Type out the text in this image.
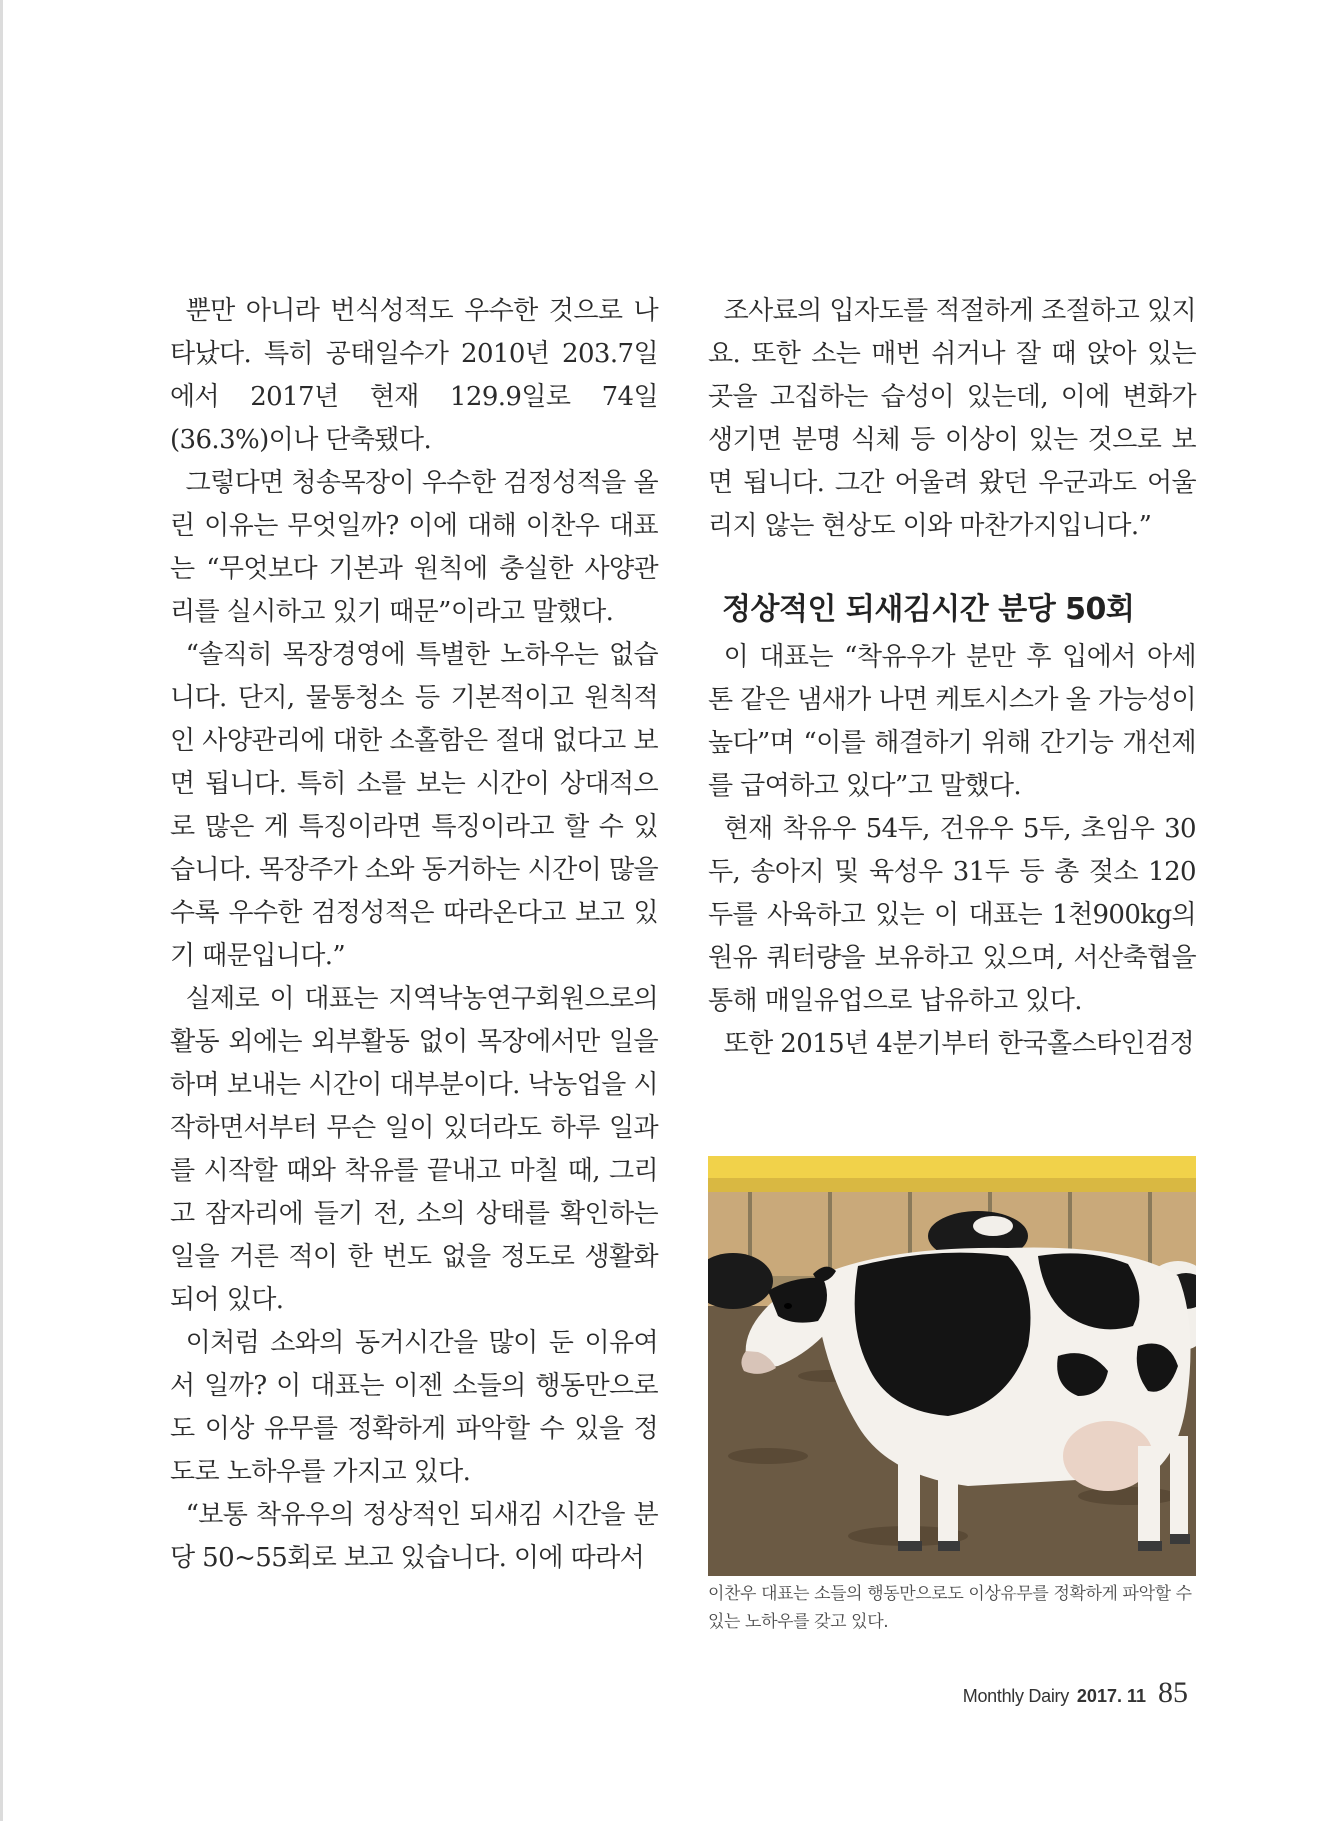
뿐만 아니라 번식성적도 우수한 것으로 나타났다. 특히 공태일수가 2010년 203.7일에서 2017년 현재 129.9일로 74일(36.3%)이나 단축됐다.

그렇다면 청송목장이 우수한 검정성적을 올린 이유는 무엇일까? 이에 대해 이찬우 대표는 “무엇보다 기본과 원칙에 충실한 사양관리를 실시하고 있기 때문”이라고 말했다.

“솔직히 목장경영에 특별한 노하우는 없습니다. 단지, 물통청소 등 기본적이고 원칙적인 사양관리에 대한 소홀함은 절대 없다고 보면 됩니다. 특히 소를 보는 시간이 상대적으로 많은 게 특징이라면 특징이라고 할 수 있습니다. 목장주가 소와 동거하는 시간이 많을수록 우수한 검정성적은 따라온다고 보고 있기 때문입니다.”

실제로 이 대표는 지역낙농연구회원으로의 활동 외에는 외부활동 없이 목장에서만 일을 하며 보내는 시간이 대부분이다. 낙농업을 시작하면서부터 무슨 일이 있더라도 하루 일과를 시작할 때와 착유를 끝내고 마칠 때, 그리고 잠자리에 들기 전, 소의 상태를 확인하는 일을 거른 적이 한 번도 없을 정도로 생활화되어 있다.

이처럼 소와의 동거시간을 많이 둔 이유여서 일까? 이 대표는 이젠 소들의 행동만으로도 이상 유무를 정확하게 파악할 수 있을 정도로 노하우를 가지고 있다.

“보통 착유우의 정상적인 되새김 시간을 분당 50~55회로 보고 있습니다. 이에 따라서

조사료의 입자도를 적절하게 조절하고 있지요. 또한 소는 매번 쉬거나 잘 때 앉아 있는 곳을 고집하는 습성이 있는데, 이에 변화가 생기면 분명 식체 등 이상이 있는 것으로 보면 됩니다. 그간 어울려 왔던 우군과도 어울리지 않는 현상도 이와 마찬가지입니다.”

정상적인 되새김시간 분당 50회

이 대표는 “착유우가 분만 후 입에서 아세톤 같은 냄새가 나면 케토시스가 올 가능성이 높다”며 “이를 해결하기 위해 간기능 개선제를 급여하고 있다”고 말했다.

현재 착유우 54두, 건유우 5두, 초임우 30두, 송아지 및 육성우 31두 등 총 젖소 120두를 사육하고 있는 이 대표는 1천900kg의 원유 쿼터량을 보유하고 있으며, 서산축협을 통해 매일유업으로 납유하고 있다.

또한 2015년 4분기부터 한국홀스타인검정

이찬우 대표는 소들의 행동만으로도 이상유무를 정확하게 파악할 수 있는 노하우를 갖고 있다.
Monthly Dairy 2017. 11 85
